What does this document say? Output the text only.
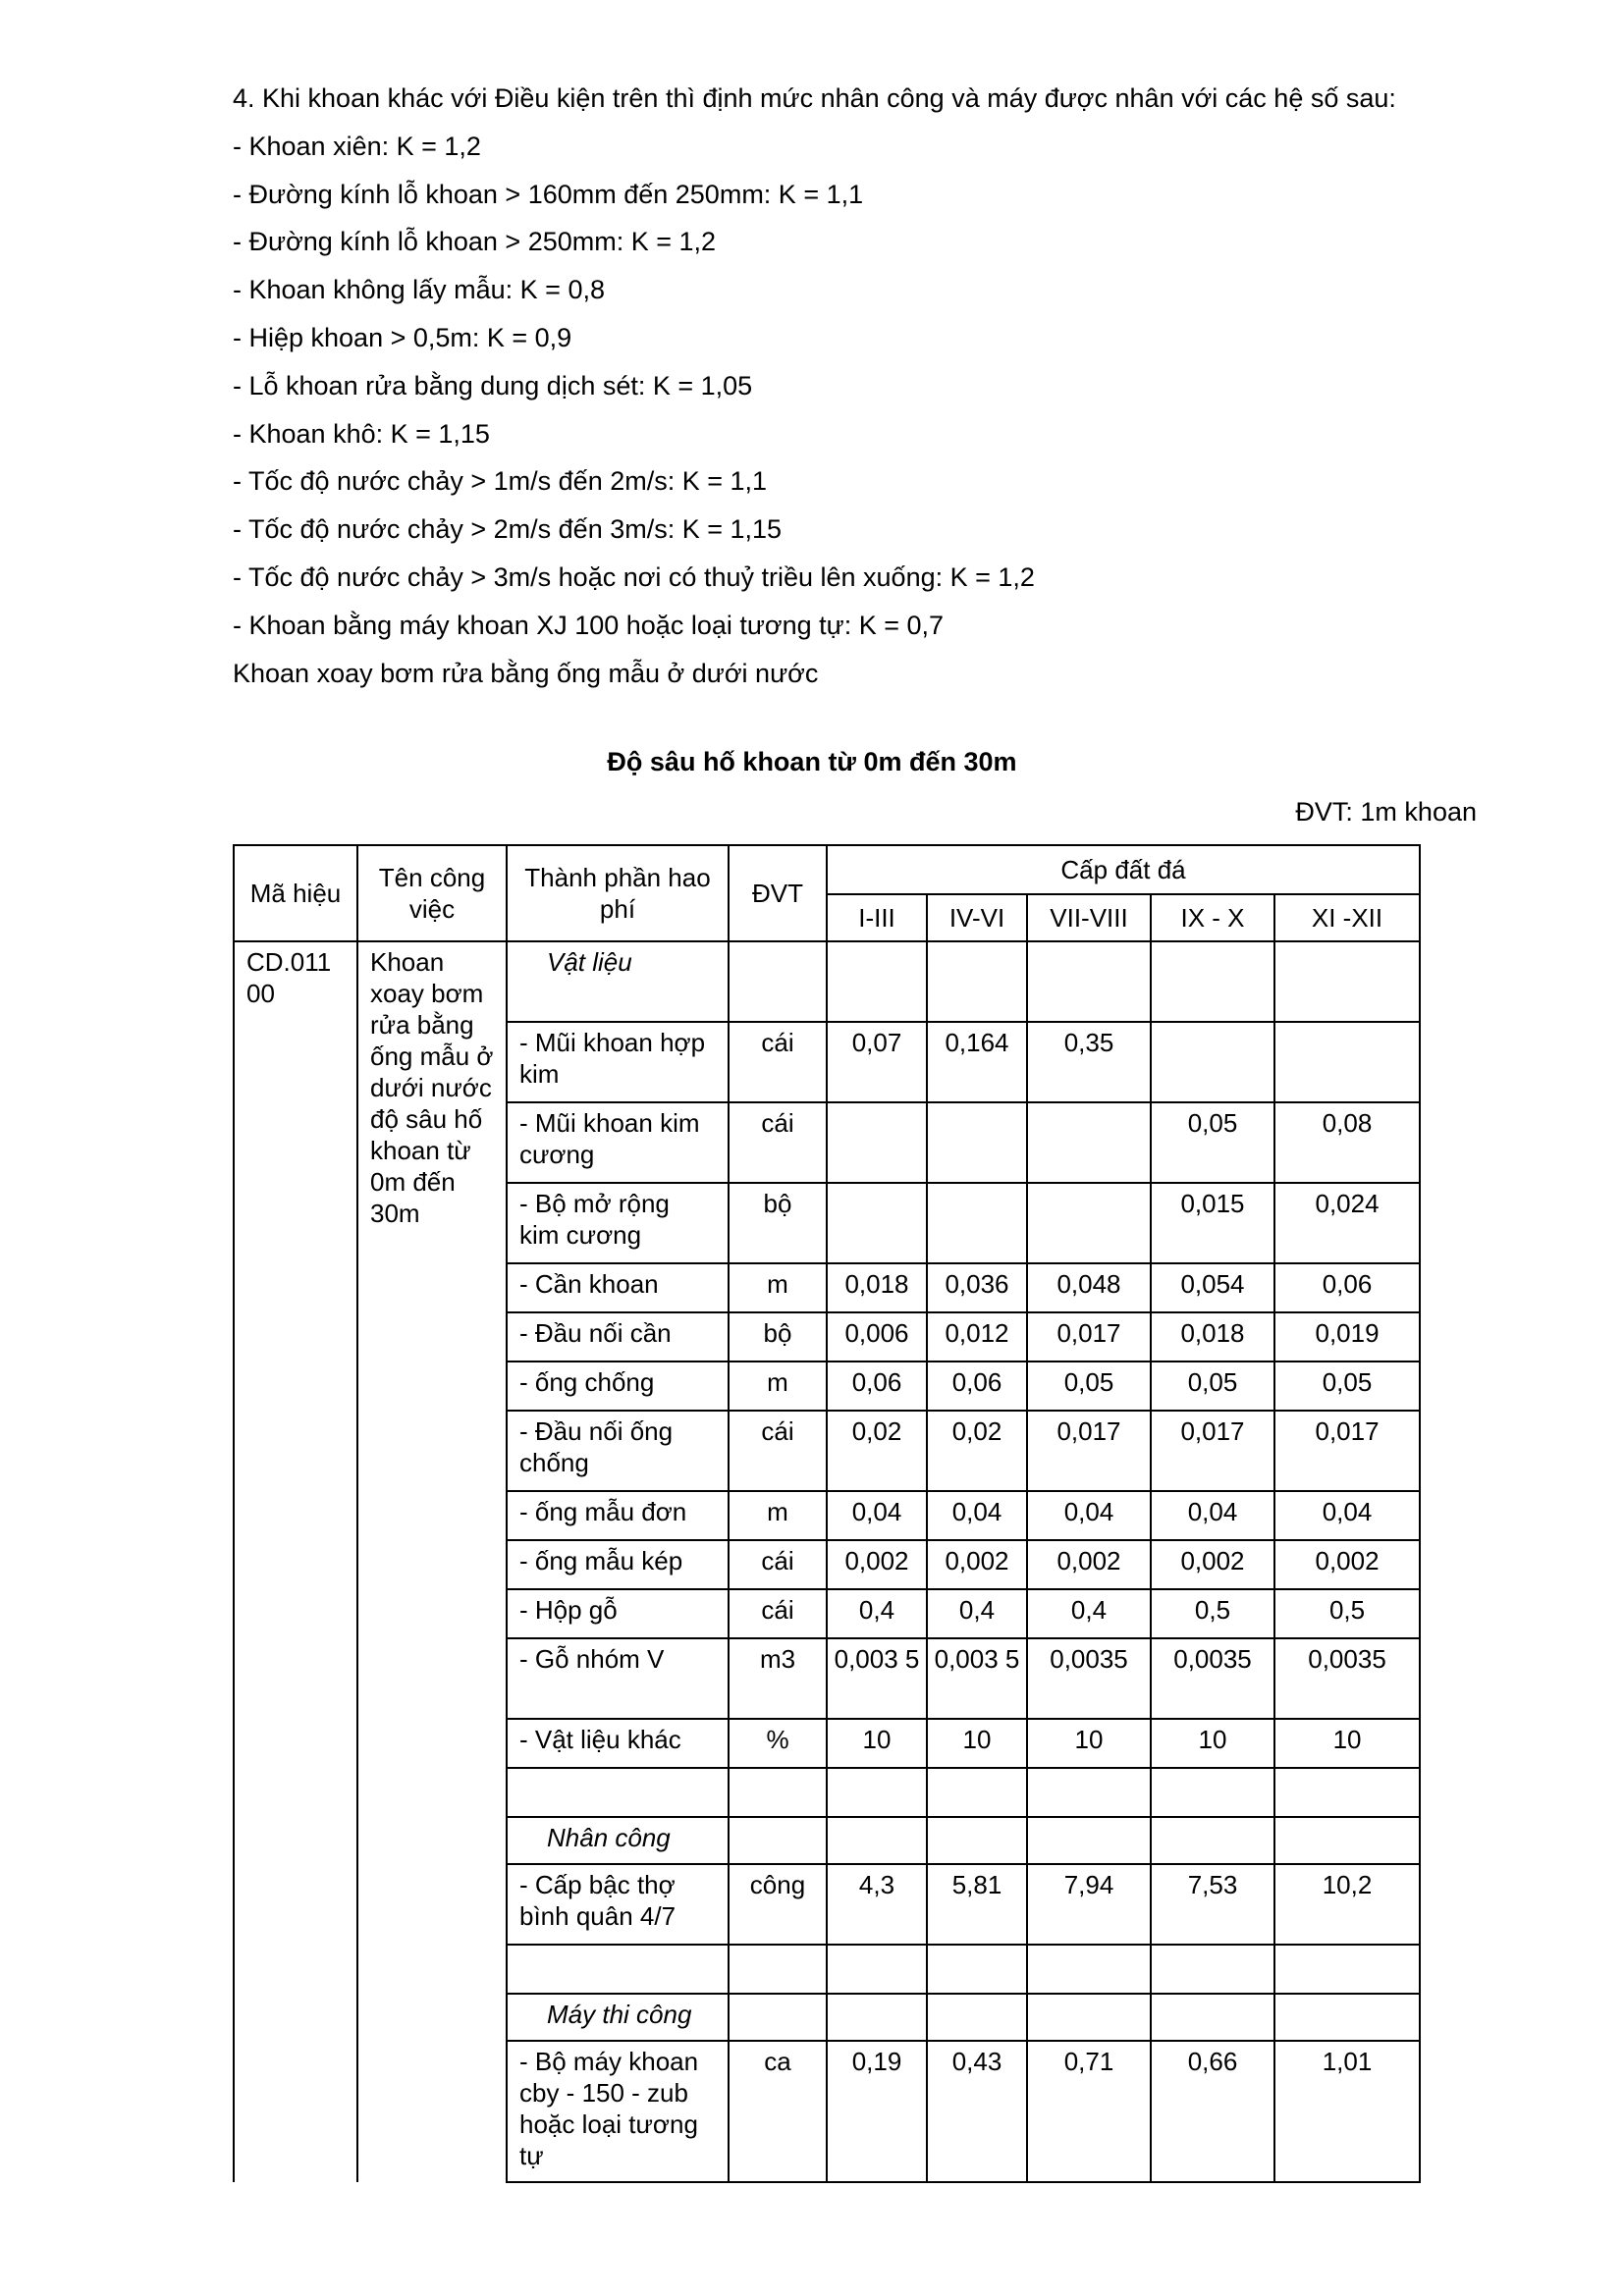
4. Khi khoan khác với Điều kiện trên thì định mức nhân công và máy được nhân với các hệ số sau:

- Khoan xiên: K = 1,2

- Đường kính lỗ khoan > 160mm đến 250mm: K = 1,1

- Đường kính lỗ khoan > 250mm: K = 1,2

- Khoan không lấy mẫu: K = 0,8

- Hiệp khoan > 0,5m: K = 0,9

- Lỗ khoan rửa bằng dung dịch sét: K = 1,05

- Khoan khô: K = 1,15

- Tốc độ nước chảy > 1m/s đến 2m/s: K = 1,1

- Tốc độ nước chảy > 2m/s đến 3m/s: K = 1,15

- Tốc độ nước chảy > 3m/s hoặc nơi có thuỷ triều lên xuống: K = 1,2

- Khoan bằng máy khoan XJ 100 hoặc loại tương tự: K = 0,7

Khoan xoay bơm rửa bằng ống mẫu ở dưới nước

Độ sâu hố khoan từ 0m đến 30m
ĐVT: 1m khoan
Mã hiệu	Tên công việc	Thành phần hao phí	ĐVT	Cấp đất đá				
				I-III	IV-VI	VII-VIII	IX - X	XI -XII
CD.011 00	Khoan xoay bơm rửa bằng ống mẫu ở dưới nước độ sâu hố khoan từ 0m đến 30m	Vật liệu						
		- Mũi khoan hợp kim	cái	0,07	0,164	0,35		
		- Mũi khoan kim cương	cái				0,05	0,08
		- Bộ mở rộng kim cương	bộ				0,015	0,024
		- Cần khoan	m	0,018	0,036	0,048	0,054	0,06
		- Đầu nối cần	bộ	0,006	0,012	0,017	0,018	0,019
		- ống chống	m	0,06	0,06	0,05	0,05	0,05
		- Đầu nối ống chống	cái	0,02	0,02	0,017	0,017	0,017
		- ống mẫu đơn	m	0,04	0,04	0,04	0,04	0,04
		- ống mẫu kép	cái	0,002	0,002	0,002	0,002	0,002
		- Hộp gỗ	cái	0,4	0,4	0,4	0,5	0,5
		- Gỗ nhóm V	m3	0,003 5	0,003 5	0,0035	0,0035	0,0035
		- Vật liệu khác	%	10	10	10	10	10

		Nhân công						
		- Cấp bậc thợ bình quân 4/7	công	4,3	5,81	7,94	7,53	10,2

		Máy thi công						
		- Bộ máy khoan cby - 150 - zub hoặc loại tương tự	ca	0,19	0,43	0,71	0,66	1,01
